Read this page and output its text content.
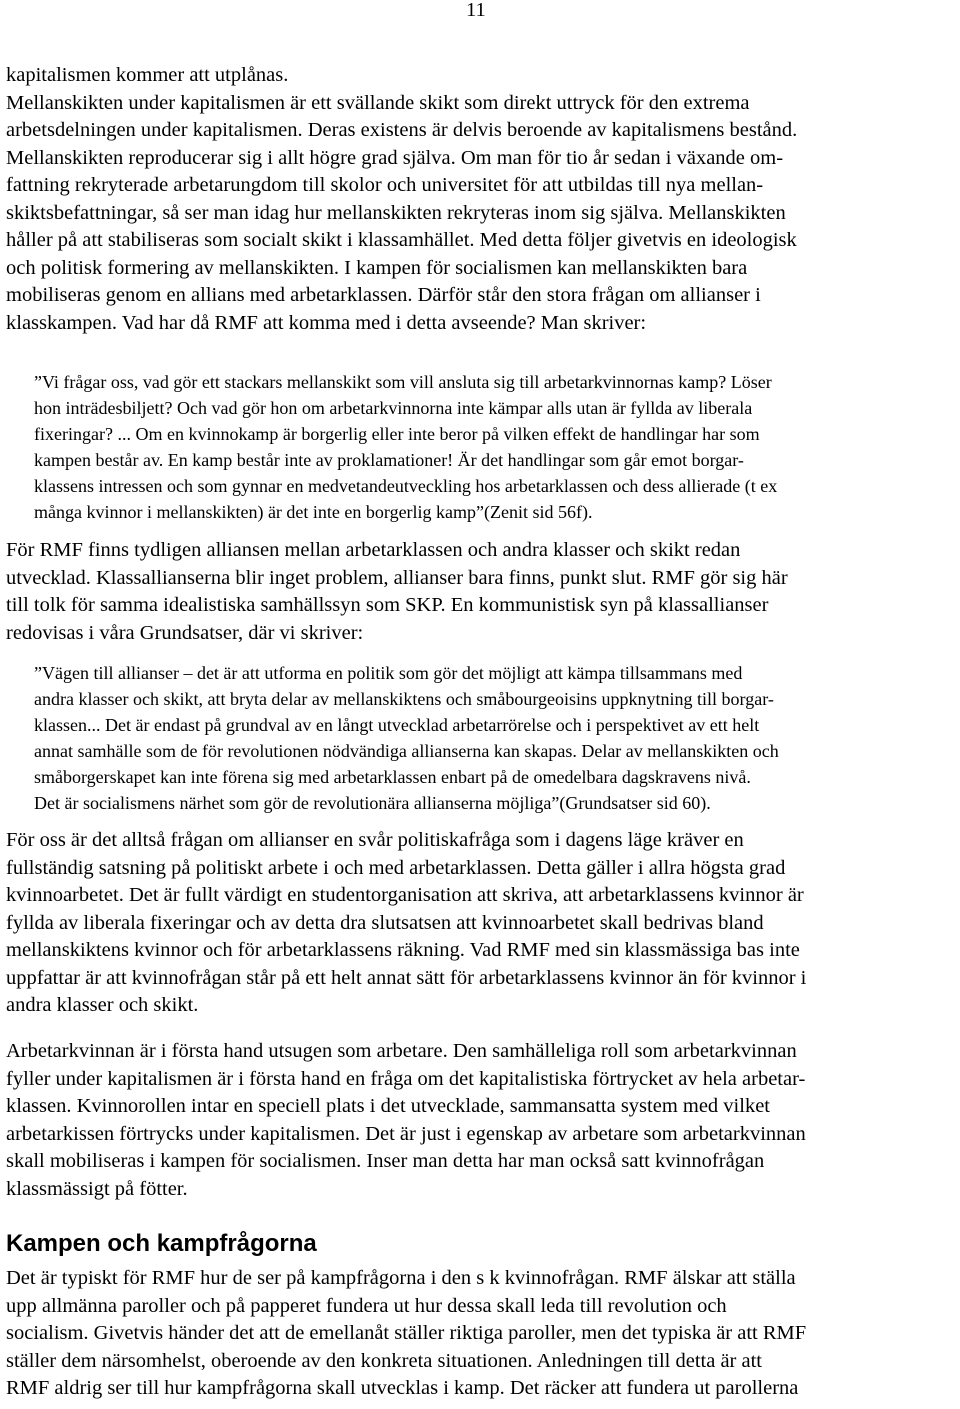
11

kapitalismen kommer att utplånas.
Mellanskikten under kapitalismen är ett svällande skikt som direkt uttryck för den extrema
arbetsdelningen under kapitalismen. Deras existens är delvis beroende av kapitalismens bestånd.
Mellanskikten reproducerar sig i allt högre grad själva. Om man för tio år sedan i växande om-
fattning rekryterade arbetarungdom till skolor och universitet för att utbildas till nya mellan-
skiktsbefattningar, så ser man idag hur mellanskikten rekryteras inom sig själva. Mellanskikten
håller på att stabiliseras som socialt skikt i klassamhället. Med detta följer givetvis en ideologisk
och politisk formering av mellanskikten. I kampen för socialismen kan mellanskikten bara
mobiliseras genom en allians med arbetarklassen. Därför står den stora frågan om allianser i
klasskampen. Vad har då RMF att komma med i detta avseende? Man skriver:
”Vi frågar oss, vad gör ett stackars mellanskikt som vill ansluta sig till arbetarkvinnornas kamp? Löser
hon inträdesbiljett? Och vad gör hon om arbetarkvinnorna inte kämpar alls utan är fyllda av liberala
fixeringar? ... Om en kvinnokamp är borgerlig eller inte beror på vilken effekt de handlingar har som
kampen består av. En kamp består inte av proklamationer! Är det handlingar som går emot borgar-
klassens intressen och som gynnar en medvetandeutveckling hos arbetarklassen och dess allierade (t ex
många kvinnor i mellanskikten) är det inte en borgerlig kamp”(Zenit sid 56f).
För RMF finns tydligen alliansen mellan arbetarklassen och andra klasser och skikt redan
utvecklad. Klassallianserna blir inget problem, allianser bara finns, punkt slut. RMF gör sig här
till tolk för samma idealistiska samhällssyn som SKP. En kommunistisk syn på klassallianser
redovisas i våra Grundsatser, där vi skriver:
”Vägen till allianser – det är att utforma en politik som gör det möjligt att kämpa tillsammans med
andra klasser och skikt, att bryta delar av mellanskiktens och småbourgeoisins uppknytning till borgar-
klassen... Det är endast på grundval av en långt utvecklad arbetarrörelse och i perspektivet av ett helt
annat samhälle som de för revolutionen nödvändiga allianserna kan skapas. Delar av mellanskikten och
småborgerskapet kan inte förena sig med arbetarklassen enbart på de omedelbara dagskravens nivå.
Det är socialismens närhet som gör de revolutionära allianserna möjliga”(Grundsatser sid 60).
För oss är det alltså frågan om allianser en svår politiskafråga som i dagens läge kräver en
fullständig satsning på politiskt arbete i och med arbetarklassen. Detta gäller i allra högsta grad
kvinnoarbetet. Det är fullt värdigt en studentorganisation att skriva, att arbetarklassens kvinnor är
fyllda av liberala fixeringar och av detta dra slutsatsen att kvinnoarbetet skall bedrivas bland
mellanskiktens kvinnor och för arbetarklassens räkning. Vad RMF med sin klassmässiga bas inte
uppfattar är att kvinnofrågan står på ett helt annat sätt för arbetarklassens kvinnor än för kvinnor i
andra klasser och skikt.
Arbetarkvinnan är i första hand utsugen som arbetare. Den samhälleliga roll som arbetarkvinnan
fyller under kapitalismen är i första hand en fråga om det kapitalistiska förtrycket av hela arbetar-
klassen. Kvinnorollen intar en speciell plats i det utvecklade, sammansatta system med vilket
arbetarkissen förtrycks under kapitalismen. Det är just i egenskap av arbetare som arbetarkvinnan
skall mobiliseras i kampen för socialismen. Inser man detta har man också satt kvinnofrågan
klassmässigt på fötter.
Kampen och kampfrågorna
Det är typiskt för RMF hur de ser på kampfrågorna i den s k kvinnofrågan. RMF älskar att ställa
upp allmänna paroller och på papperet fundera ut hur dessa skall leda till revolution och
socialism. Givetvis händer det att de emellanåt ställer riktiga paroller, men det typiska är att RMF
ställer dem närsomhelst, oberoende av den konkreta situationen. Anledningen till detta är att
RMF aldrig ser till hur kampfrågorna skall utvecklas i kamp. Det räcker att fundera ut parollerna
